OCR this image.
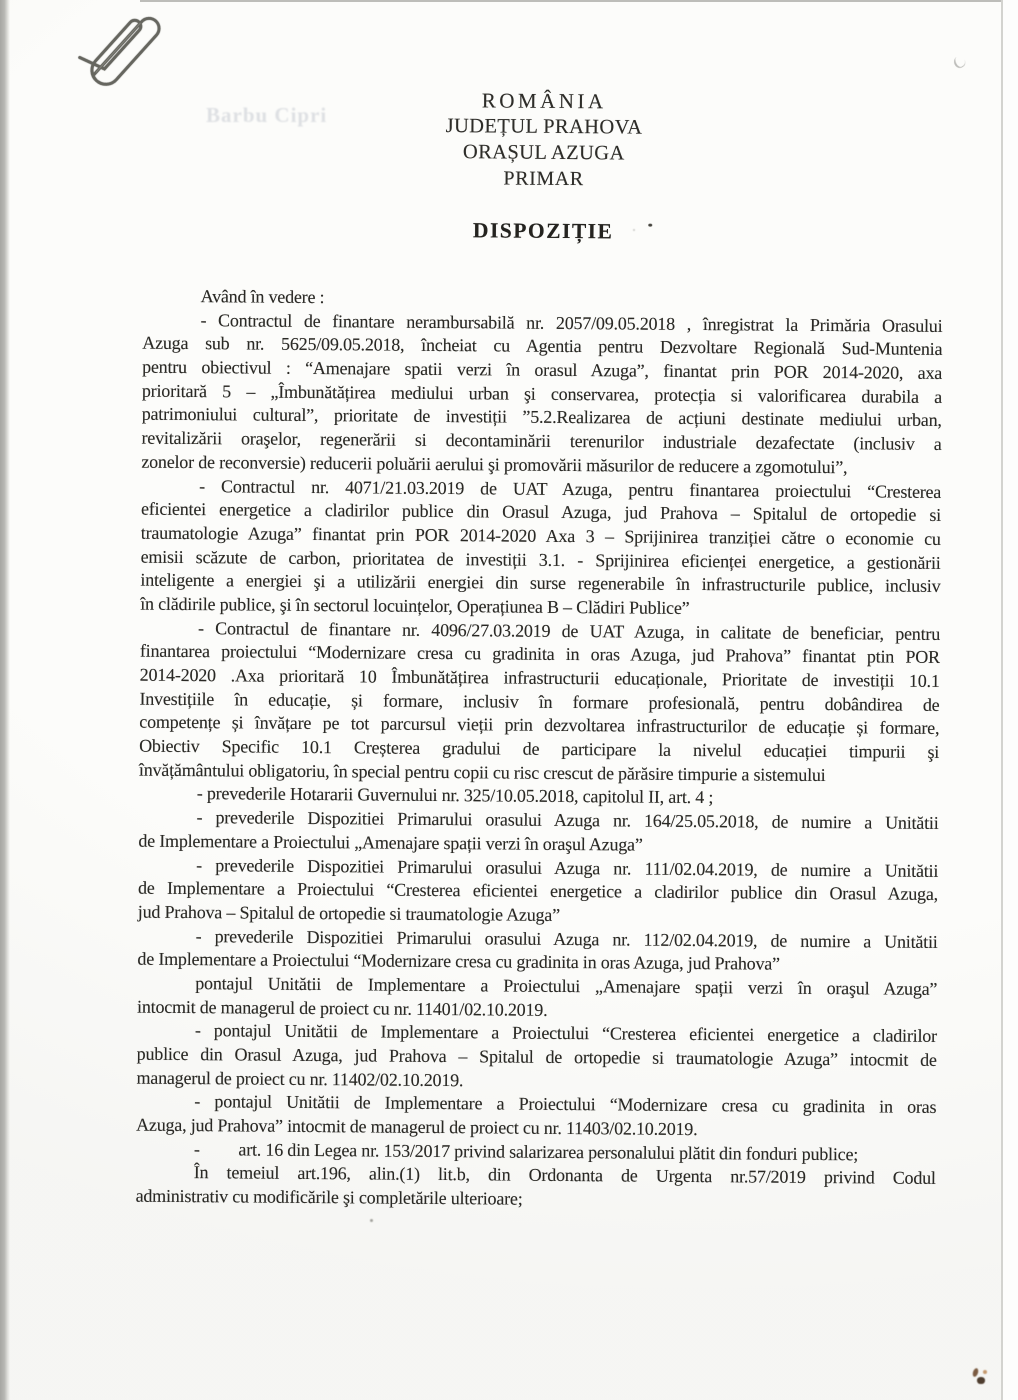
Barbu Cipri
ROMÂNIA
JUDEȚUL PRAHOVA
ORAȘUL AZUGA
PRIMAR
DISPOZIȚIE
Având în vedere :
- Contractul de finantare nerambursabilă nr. 2057/09.05.2018 , înregistrat la Primăria Orasului
Azuga sub nr. 5625/09.05.2018, încheiat cu Agentia pentru Dezvoltare Regională Sud-Muntenia
pentru obiectivul : “Amenajare spatii verzi în orasul Azuga”, finantat prin POR 2014-2020, axa
prioritară 5 – „Îmbunătățirea mediului urban şi conservarea, protecția si valorificarea durabila a
patrimoniului cultural”, prioritate de investiții ”5.2.Realizarea de acțiuni destinate mediului urban,
revitalizării oraşelor, regenerării si decontaminării terenurilor industriale dezafectate (inclusiv a
zonelor de reconversie) reducerii poluării aerului şi promovării măsurilor de reducere a zgomotului”,
- Contractul nr. 4071/21.03.2019 de UAT Azuga, pentru finantarea proiectului “Cresterea
eficientei energetice a cladirilor publice din Orasul Azuga, jud Prahova – Spitalul de ortopedie si
traumatologie Azuga” finantat prin POR 2014-2020 Axa 3 – Sprijinirea tranziției către o economie cu
emisii scăzute de carbon, prioritatea de investiții 3.1. - Sprijinirea eficienței energetice, a gestionării
inteligente a energiei şi a utilizării energiei din surse regenerabile în infrastructurile publice, inclusiv
în clădirile publice, şi în sectorul locuințelor, Operațiunea B – Clădiri Publice”
- Contractul de finantare nr. 4096/27.03.2019 de UAT Azuga, in calitate de beneficiar, pentru
finantarea proiectului “Modernizare cresa cu gradinita in oras Azuga, jud Prahova” finantat ptin POR
2014-2020 .Axa prioritară 10 Îmbunătățirea infrastructurii educaționale, Prioritate de investiții 10.1
Investițiile în educație, și formare, inclusiv în formare profesională, pentru dobândirea de
competențe și învățare pe tot parcursul vieții prin dezvoltarea infrastructurilor de educație și formare,
Obiectiv Specific 10.1 Creșterea gradului de participare la nivelul educației timpurii şi
învățământului obligatoriu, în special pentru copii cu risc crescut de părăsire timpurie a sistemului
- prevederile Hotararii Guvernului nr. 325/10.05.2018, capitolul II, art. 4 ;
- prevederile Dispozitiei Primarului orasului Azuga nr. 164/25.05.2018, de numire a Unitătii
de Implementare a Proiectului „Amenajare spații verzi în oraşul Azuga”
- prevederile Dispozitiei Primarului orasului Azuga nr. 111/02.04.2019, de numire a Unitătii
de Implementare a Proiectului “Cresterea eficientei energetice a cladirilor publice din Orasul Azuga,
jud Prahova – Spitalul de ortopedie si traumatologie Azuga”
- prevederile Dispozitiei Primarului orasului Azuga nr. 112/02.04.2019, de numire a Unitătii
de Implementare a Proiectului “Modernizare cresa cu gradinita in oras Azuga, jud Prahova”
pontajul Unitătii de Implementare a Proiectului „Amenajare spații verzi în oraşul Azuga”
intocmit de managerul de proiect cu nr. 11401/02.10.2019.
- pontajul Unitătii de Implementare a Proiectului “Cresterea eficientei energetice a cladirilor
publice din Orasul Azuga, jud Prahova – Spitalul de ortopedie si traumatologie Azuga” intocmit de
managerul de proiect cu nr. 11402/02.10.2019.
- pontajul Unitătii de Implementare a Proiectului “Modernizare cresa cu gradinita in oras
Azuga, jud Prahova” intocmit de managerul de proiect cu nr. 11403/02.10.2019.
-         art. 16 din Legea nr. 153/2017 privind salarizarea personalului plătit din fonduri publice;
În temeiul art.196, alin.(1) lit.b, din Ordonanta de Urgenta nr.57/2019 privind Codul
administrativ cu modificările şi completările ulterioare;
